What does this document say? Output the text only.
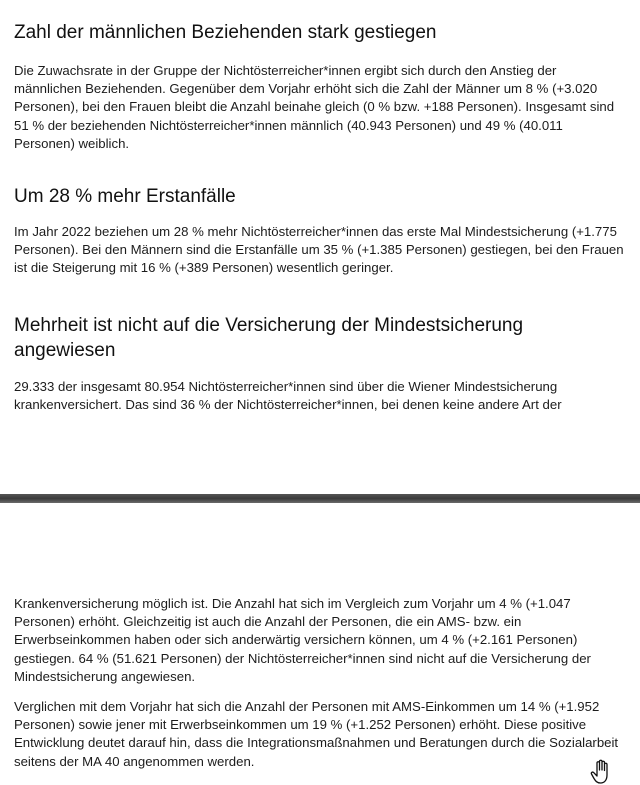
Zahl der männlichen Beziehenden stark gestiegen

Die Zuwachsrate in der Gruppe der Nichtösterreicher*innen ergibt sich durch den Anstieg der männlichen Beziehenden. Gegenüber dem Vorjahr erhöht sich die Zahl der Männer um 8 % (+3.020 Personen), bei den Frauen bleibt die Anzahl beinahe gleich (0 % bzw. +188 Personen). Insgesamt sind 51 % der beziehenden Nichtösterreicher*innen männlich (40.943 Personen) und 49 % (40.011 Personen) weiblich.

Um 28 % mehr Erstanfälle

Im Jahr 2022 beziehen um 28 % mehr Nichtösterreicher*innen das erste Mal Mindestsicherung (+1.775 Personen). Bei den Männern sind die Erstanfälle um 35 % (+1.385 Personen) gestiegen, bei den Frauen ist die Steigerung mit 16 % (+389 Personen) wesentlich geringer.

Mehrheit ist nicht auf die Versicherung der Mindestsicherung angewiesen

29.333 der insgesamt 80.954 Nichtösterreicher*innen sind über die Wiener Mindestsicherung krankenversichert. Das sind 36 % der Nichtösterreicher*innen, bei denen keine andere Art der

Krankenversicherung möglich ist. Die Anzahl hat sich im Vergleich zum Vorjahr um 4 % (+1.047 Personen) erhöht. Gleichzeitig ist auch die Anzahl der Personen, die ein AMS- bzw. ein Erwerbseinkommen haben oder sich anderwärtig versichern können, um 4 % (+2.161 Personen) gestiegen. 64 % (51.621 Personen) der Nichtösterreicher*innen sind nicht auf die Versicherung der Mindestsicherung angewiesen.

Verglichen mit dem Vorjahr hat sich die Anzahl der Personen mit AMS-Einkommen um 14 % (+1.952 Personen) sowie jener mit Erwerbseinkommen um 19 % (+1.252 Personen) erhöht. Diese positive Entwicklung deutet darauf hin, dass die Integrationsmaßnahmen und Beratungen durch die Sozialarbeit seitens der MA 40 angenommen werden.
